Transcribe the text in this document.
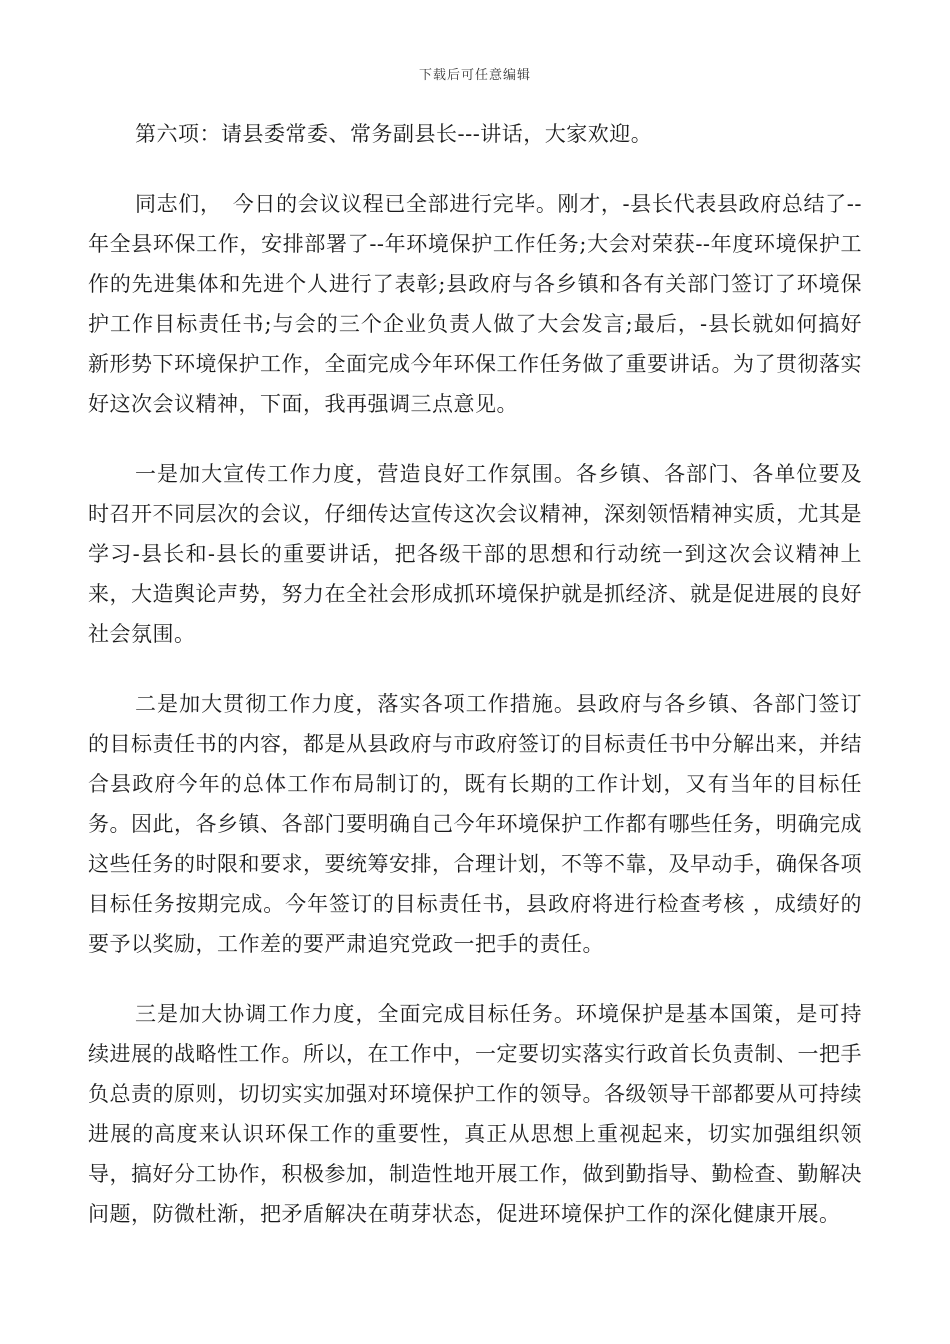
下载后可任意编辑

第六项：请县委常委、常务副县长---讲话，大家欢迎。

同志们，　今日的会议议程已全部进行完毕。刚才，-县长代表县政府总结了--年全县环保工作，安排部署了--年环境保护工作任务;大会对荣获--年度环境保护工作的先进集体和先进个人进行了表彰;县政府与各乡镇和各有关部门签订了环境保护工作目标责任书;与会的三个企业负责人做了大会发言;最后，-县长就如何搞好新形势下环境保护工作，全面完成今年环保工作任务做了重要讲话。为了贯彻落实好这次会议精神，下面，我再强调三点意见。

一是加大宣传工作力度，营造良好工作氛围。各乡镇、各部门、各单位要及时召开不同层次的会议，仔细传达宣传这次会议精神，深刻领悟精神实质，尤其是学习-县长和-县长的重要讲话，把各级干部的思想和行动统一到这次会议精神上来，大造舆论声势，努力在全社会形成抓环境保护就是抓经济、就是促进展的良好社会氛围。

二是加大贯彻工作力度，落实各项工作措施。县政府与各乡镇、各部门签订的目标责任书的内容，都是从县政府与市政府签订的目标责任书中分解出来，并结合县政府今年的总体工作布局制订的，既有长期的工作计划，又有当年的目标任务。因此，各乡镇、各部门要明确自己今年环境保护工作都有哪些任务，明确完成这些任务的时限和要求，要统筹安排，合理计划，不等不靠，及早动手，确保各项目标任务按期完成。今年签订的目标责任书，县政府将进行检查考核 ，成绩好的要予以奖励，工作差的要严肃追究党政一把手的责任。

三是加大协调工作力度，全面完成目标任务。环境保护是基本国策，是可持续进展的战略性工作。所以，在工作中，一定要切实落实行政首长负责制、一把手负总责的原则，切切实实加强对环境保护工作的领导。各级领导干部都要从可持续进展的高度来认识环保工作的重要性，真正从思想上重视起来，切实加强组织领导，搞好分工协作，积极参加，制造性地开展工作，做到勤指导、勤检查、勤解决问题，防微杜渐，把矛盾解决在萌芽状态，促进环境保护工作的深化健康开展。
